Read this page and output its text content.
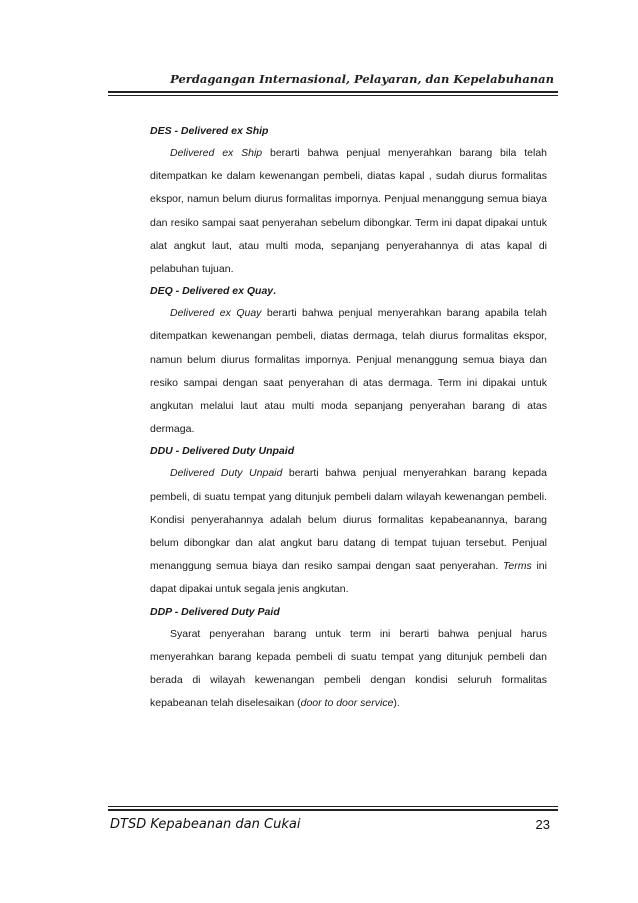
Perdagangan Internasional, Pelayaran, dan Kepelabuhanan

DES - Delivered ex Ship

Delivered ex Ship berarti bahwa penjual menyerahkan barang bila telah ditempatkan ke dalam kewenangan pembeli, diatas kapal , sudah diurus formalitas ekspor, namun belum diurus formalitas impornya. Penjual menanggung semua biaya dan resiko sampai saat penyerahan sebelum dibongkar. Term ini dapat dipakai untuk alat angkut laut, atau multi moda, sepanjang penyerahannya di atas kapal di pelabuhan tujuan.

DEQ - Delivered ex Quay.

Delivered ex Quay berarti bahwa penjual menyerahkan barang apabila telah ditempatkan kewenangan pembeli, diatas dermaga, telah diurus formalitas ekspor, namun belum diurus formalitas impornya. Penjual menanggung semua biaya dan resiko sampai dengan saat penyerahan di atas dermaga. Term ini dipakai untuk angkutan melalui laut atau multi moda sepanjang penyerahan barang di atas dermaga.

DDU - Delivered Duty Unpaid

Delivered Duty Unpaid berarti bahwa penjual menyerahkan barang kepada pembeli, di suatu tempat yang ditunjuk pembeli dalam wilayah kewenangan pembeli. Kondisi penyerahannya adalah belum diurus formalitas kepabeanannya, barang belum dibongkar dan alat angkut baru datang di tempat tujuan tersebut. Penjual menanggung semua biaya dan resiko sampai dengan saat penyerahan. Terms ini dapat dipakai untuk segala jenis angkutan.

DDP - Delivered Duty Paid

Syarat penyerahan barang untuk term ini berarti bahwa penjual harus menyerahkan barang kepada pembeli di suatu tempat yang ditunjuk pembeli dan berada di wilayah kewenangan pembeli dengan kondisi seluruh formalitas kepabeanan telah diselesaikan (door to door service).

DTSD Kepabeanan dan Cukai	23
